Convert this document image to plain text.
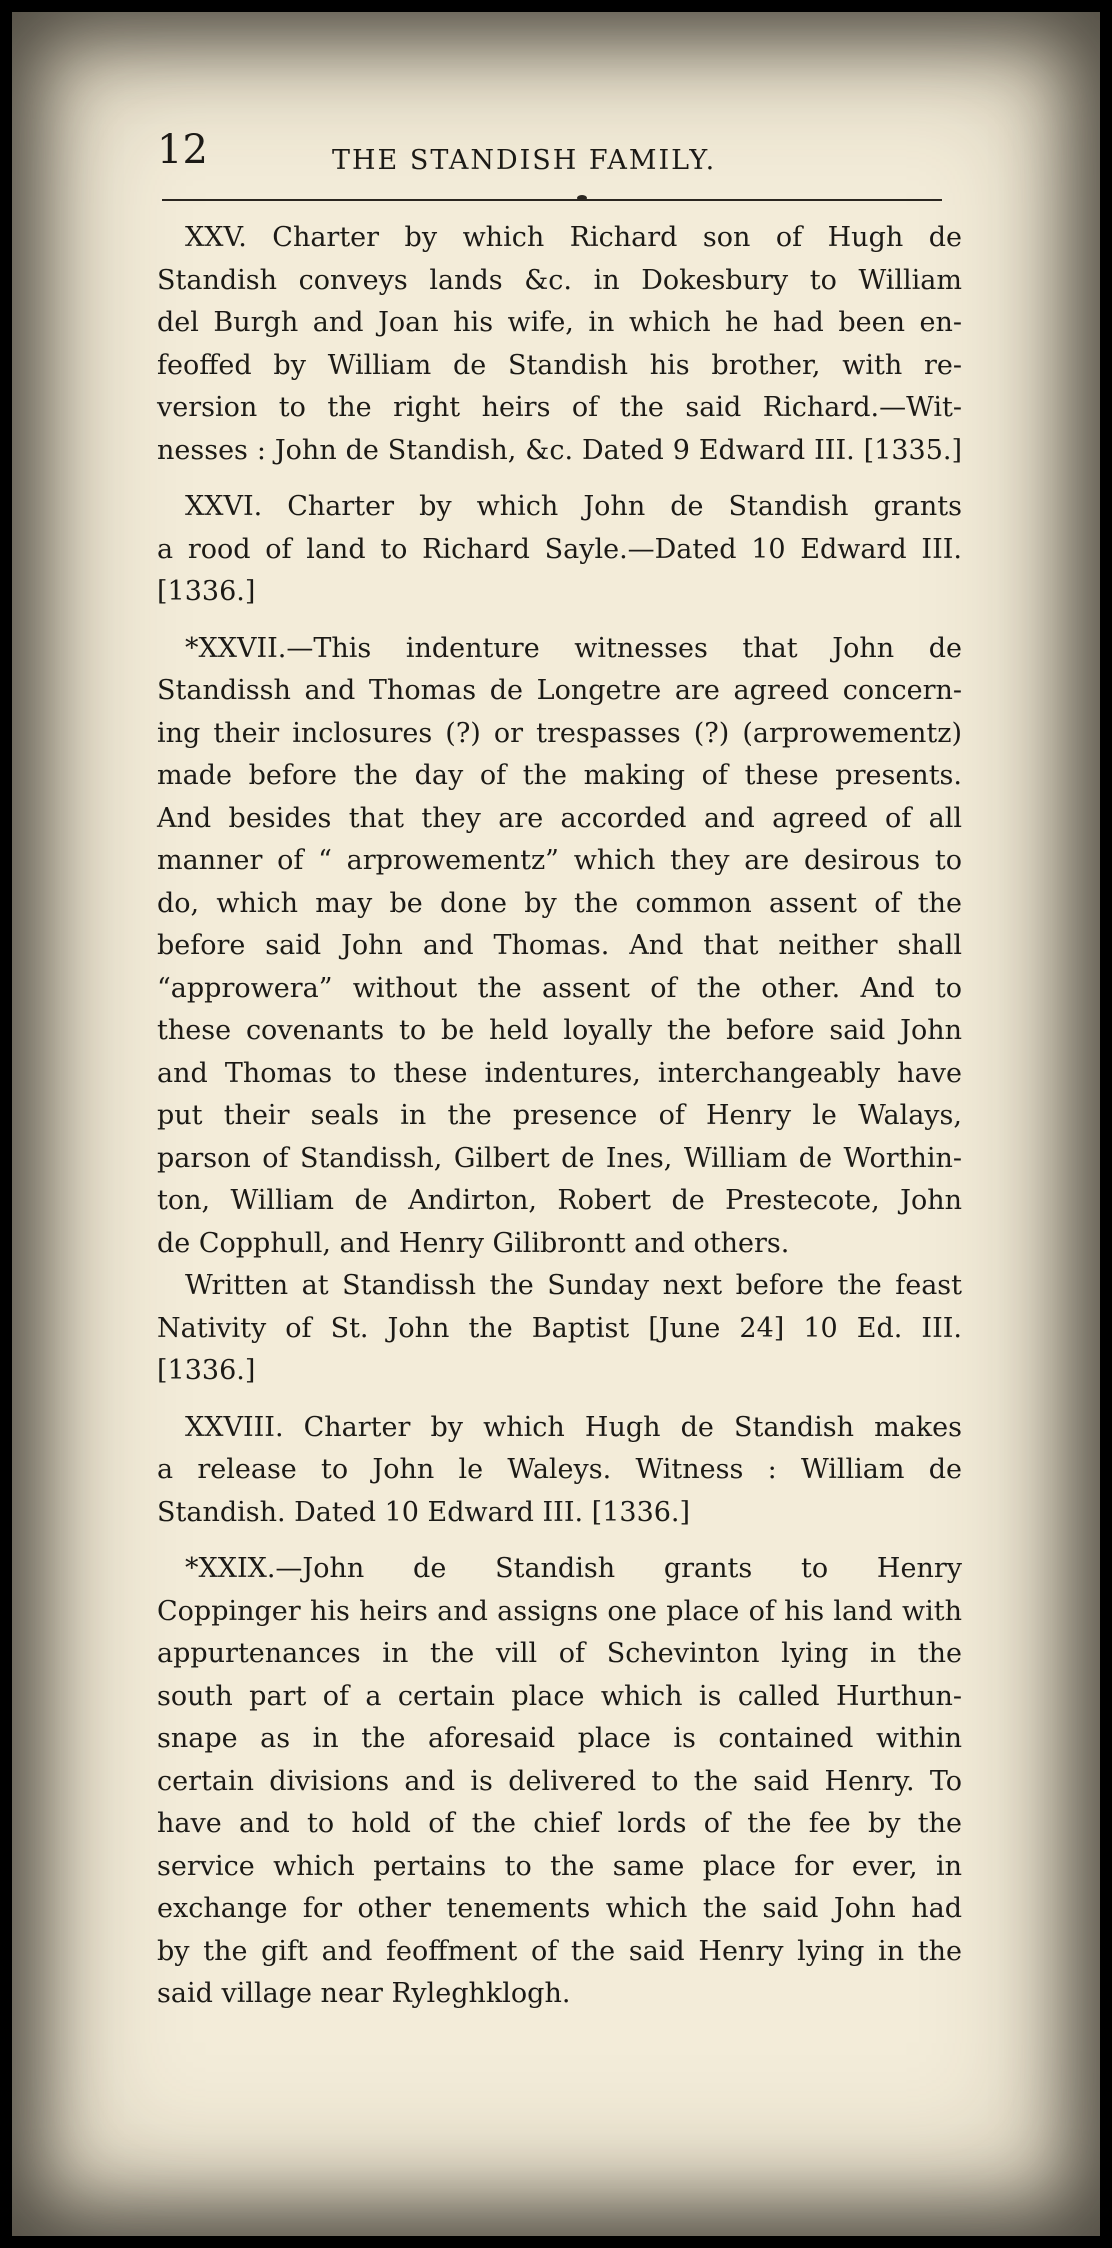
12	THE STANDISH FAMILY.
XXV. Charter by which Richard son of Hugh de
Standish conveys lands &c. in Dokesbury to William
del Burgh and Joan his wife, in which he had been en-
feoffed by William de Standish his brother, with re-
version to the right heirs of the said Richard.—Wit-
nesses : John de Standish, &c. Dated 9 Edward III. [1335.]
XXVI. Charter by which John de Standish grants
a rood of land to Richard Sayle.—Dated 10 Edward III.
[1336.]
*XXVII.—This indenture witnesses that John de
Standissh and Thomas de Longetre are agreed concern-
ing their inclosures (?) or trespasses (?) (arprowementz)
made before the day of the making of these presents.
And besides that they are accorded and agreed of all
manner of “ arprowementz” which they are desirous to
do, which may be done by the common assent of the
before said John and Thomas. And that neither shall
“approwera” without the assent of the other. And to
these covenants to be held loyally the before said John
and Thomas to these indentures, interchangeably have
put their seals in the presence of Henry le Walays,
parson of Standissh, Gilbert de Ines, William de Worthin-
ton, William de Andirton, Robert de Prestecote, John
de Copphull, and Henry Gilibrontt and others.
Written at Standissh the Sunday next before the feast
Nativity of St. John the Baptist [June 24] 10 Ed. III.
[1336.]
XXVIII. Charter by which Hugh de Standish makes
a release to John le Waleys. Witness : William de
Standish. Dated 10 Edward III. [1336.]
*XXIX.—John de Standish grants to Henry
Coppinger his heirs and assigns one place of his land with
appurtenances in the vill of Schevinton lying in the
south part of a certain place which is called Hurthun-
snape as in the aforesaid place is contained within
certain divisions and is delivered to the said Henry. To
have and to hold of the chief lords of the fee by the
service which pertains to the same place for ever, in
exchange for other tenements which the said John had
by the gift and feoffment of the said Henry lying in the
said village near Ryleghklogh.
